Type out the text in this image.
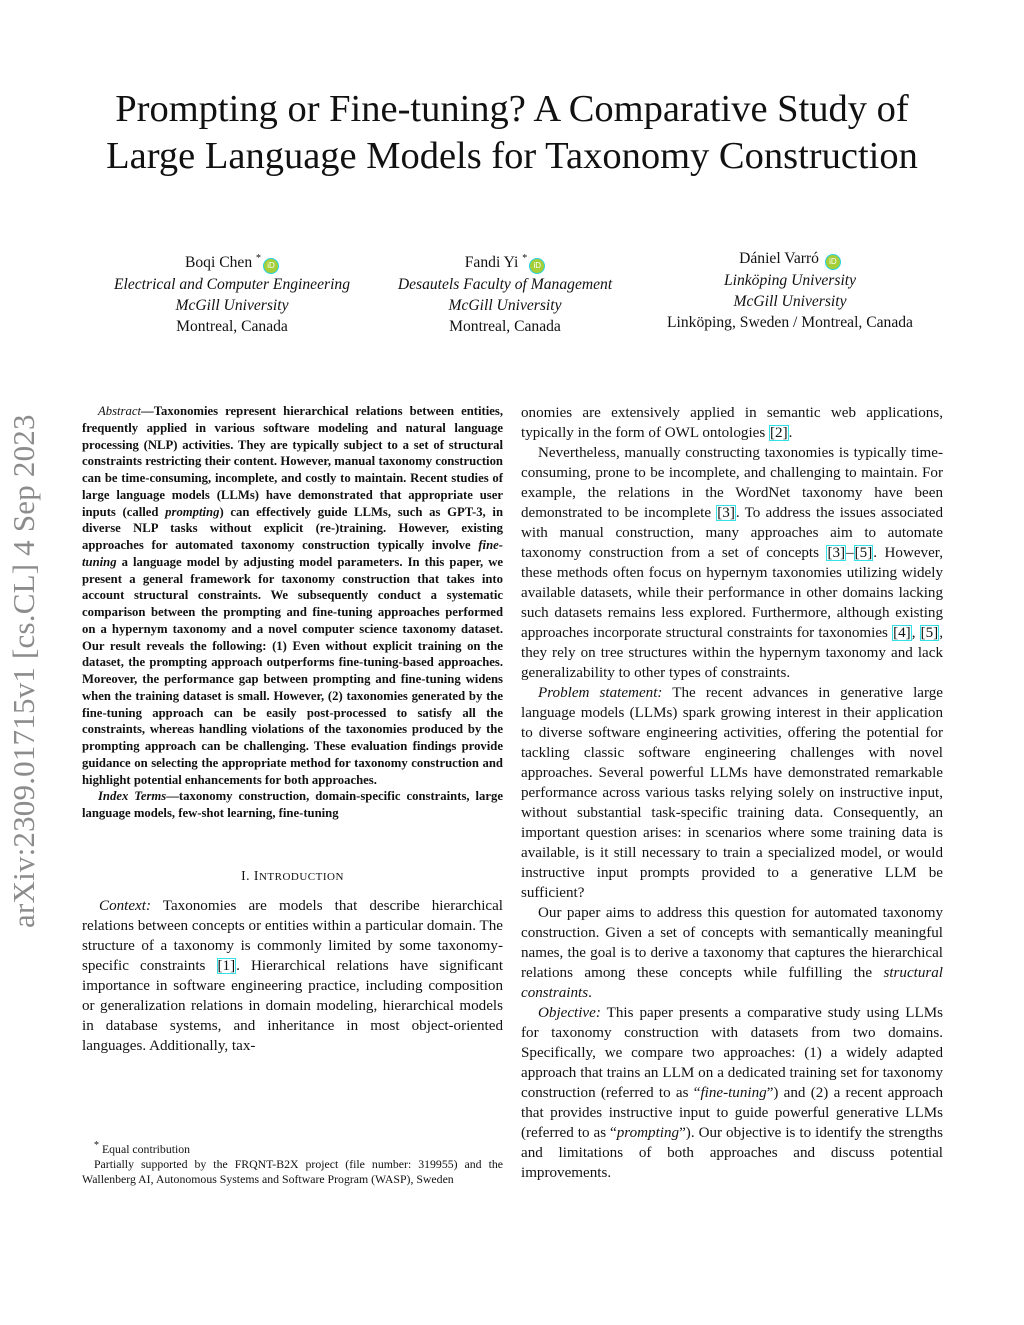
Prompting or Fine-tuning? A Comparative Study of
Large Language Models for Taxonomy Construction
Boqi Chen *iD
Electrical and Computer Engineering
McGill University
Montreal, Canada
Fandi Yi *iD
Desautels Faculty of Management
McGill University
Montreal, Canada
Dániel Varró iD
Linköping University
McGill University
Linköping, Sweden / Montreal, Canada
arXiv:2309.01715v1 [cs.CL] 4 Sep 2023

Abstract—Taxonomies represent hierarchical relations between entities, frequently applied in various software modeling and natural language processing (NLP) activities. They are typically subject to a set of structural constraints restricting their content. However, manual taxonomy construction can be time-consuming, incomplete, and costly to maintain. Recent studies of large language models (LLMs) have demonstrated that appropriate user inputs (called prompting) can effectively guide LLMs, such as GPT-3, in diverse NLP tasks without explicit (re-)training. However, existing approaches for automated taxonomy construction typically involve fine-tuning a language model by adjusting model parameters. In this paper, we present a general framework for taxonomy construction that takes into account structural constraints. We subsequently conduct a systematic comparison between the prompting and fine-tuning approaches performed on a hypernym taxonomy and a novel computer science taxonomy dataset. Our result reveals the following: (1) Even without explicit training on the dataset, the prompting approach outperforms fine-tuning-based approaches. Moreover, the performance gap between prompting and fine-tuning widens when the training dataset is small. However, (2) taxonomies generated by the fine-tuning approach can be easily post-processed to satisfy all the constraints, whereas handling violations of the taxonomies produced by the prompting approach can be challenging. These evaluation findings provide guidance on selecting the appropriate method for taxonomy construction and highlight potential enhancements for both approaches.

Index Terms—taxonomy construction, domain-specific constraints, large language models, few-shot learning, fine-tuning

I. INTRODUCTION

Context: Taxonomies are models that describe hierarchical relations between concepts or entities within a particular domain. The structure of a taxonomy is commonly limited by some taxonomy-specific constraints [1]. Hierarchical relations have significant importance in software engineering practice, including composition or generalization relations in domain modeling, hierarchical models in database systems, and inheritance in most object-oriented languages. Additionally, tax-

* Equal contribution

Partially supported by the FRQNT-B2X project (file number: 319955) and the Wallenberg AI, Autonomous Systems and Software Program (WASP), Sweden

onomies are extensively applied in semantic web applications, typically in the form of OWL ontologies [2].

Nevertheless, manually constructing taxonomies is typically time-consuming, prone to be incomplete, and challenging to maintain. For example, the relations in the WordNet taxonomy have been demonstrated to be incomplete [3]. To address the issues associated with manual construction, many approaches aim to automate taxonomy construction from a set of concepts [3]–[5]. However, these methods often focus on hypernym taxonomies utilizing widely available datasets, while their performance in other domains lacking such datasets remains less explored. Furthermore, although existing approaches incorporate structural constraints for taxonomies [4], [5], they rely on tree structures within the hypernym taxonomy and lack generalizability to other types of constraints.

Problem statement: The recent advances in generative large language models (LLMs) spark growing interest in their application to diverse software engineering activities, offering the potential for tackling classic software engineering challenges with novel approaches. Several powerful LLMs have demonstrated remarkable performance across various tasks relying solely on instructive input, without substantial task-specific training data. Consequently, an important question arises: in scenarios where some training data is available, is it still necessary to train a specialized model, or would instructive input prompts provided to a generative LLM be sufficient?

Our paper aims to address this question for automated taxonomy construction. Given a set of concepts with semantically meaningful names, the goal is to derive a taxonomy that captures the hierarchical relations among these concepts while fulfilling the structural constraints.

Objective: This paper presents a comparative study using LLMs for taxonomy construction with datasets from two domains. Specifically, we compare two approaches: (1) a widely adapted approach that trains an LLM on a dedicated training set for taxonomy construction (referred to as “fine-tuning”) and (2) a recent approach that provides instructive input to guide powerful generative LLMs (referred to as “prompting”). Our objective is to identify the strengths and limitations of both approaches and discuss potential improvements.
